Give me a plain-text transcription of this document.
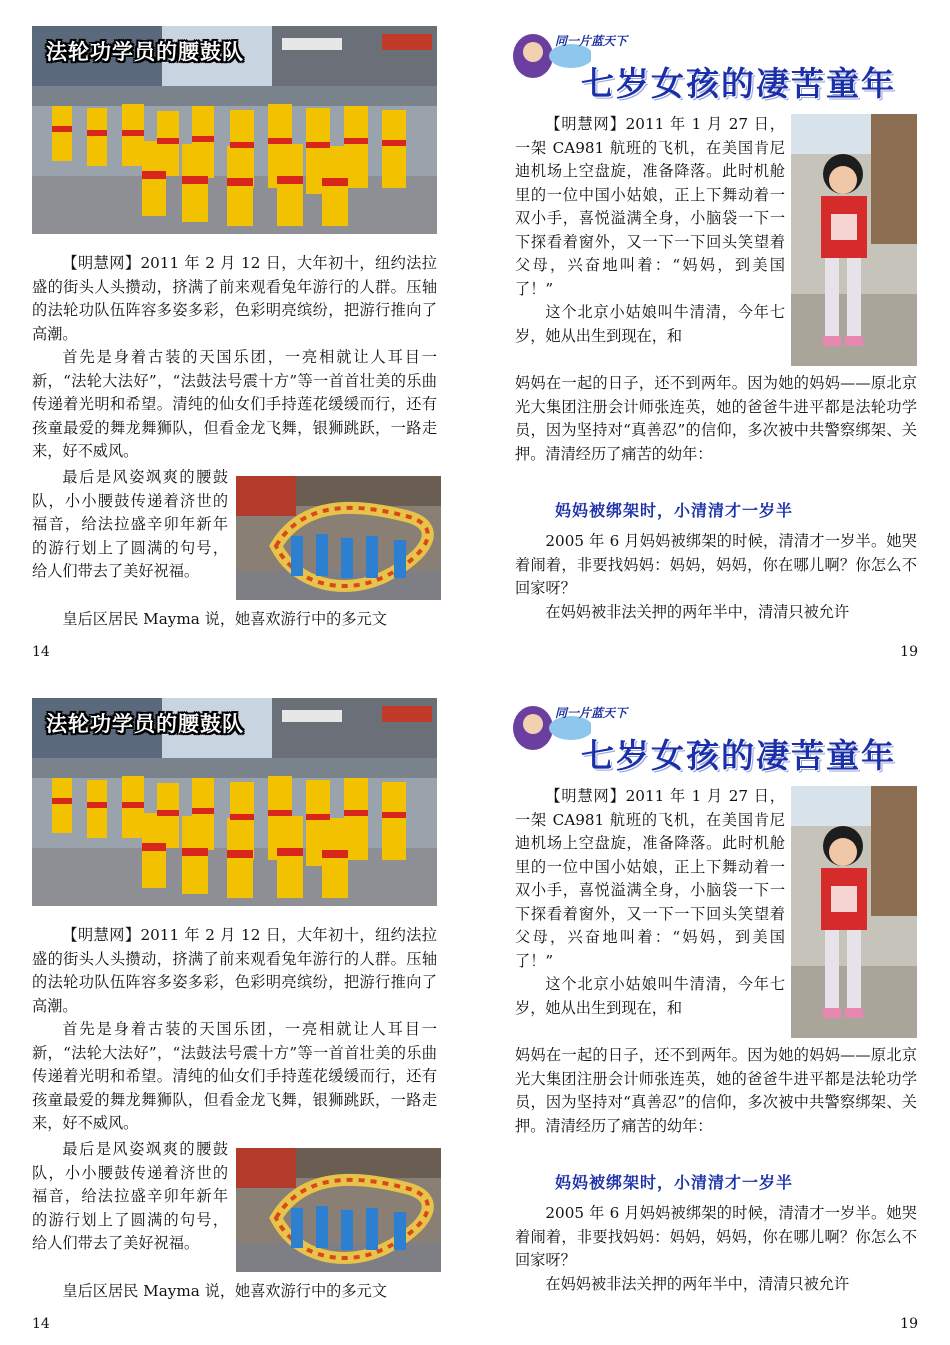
法轮功学员的腰鼓队

【明慧网】2011 年 2 月 12 日，大年初十，纽约法拉盛的街头人头攒动，挤满了前来观看兔年游行的人群。压轴的法轮功队伍阵容多姿多彩，色彩明亮缤纷，把游行推向了高潮。

首先是身着古装的天国乐团，一亮相就让人耳目一新，“法轮大法好”，“法鼓法号震十方”等一首首壮美的乐曲传递着光明和希望。清纯的仙女们手持莲花缓缓而行，还有孩童最爱的舞龙舞狮队，但看金龙飞舞，银狮跳跃，一路走来，好不威风。

最后是风姿飒爽的腰鼓队，小小腰鼓传递着济世的福音，给法拉盛辛卯年新年的游行划上了圆满的句号，给人们带去了美好祝福。

皇后区居民 Mayma 说，她喜欢游行中的多元文

14
同一片蓝天下
七岁女孩的凄苦童年

【明慧网】2011 年 1 月 27 日，一架 CA981 航班的飞机，在美国肯尼迪机场上空盘旋，准备降落。此时机舱里的一位中国小姑娘，正上下舞动着一双小手，喜悦溢满全身，小脑袋一下一下探看着窗外，又一下一下回头笑望着父母，兴奋地叫着：“妈妈，到美国了！”

这个北京小姑娘叫牛清清，今年七岁，她从出生到现在，和

妈妈在一起的日子，还不到两年。因为她的妈妈——原北京光大集团注册会计师张连英，她的爸爸牛进平都是法轮功学员，因为坚持对“真善忍”的信仰，多次被中共警察绑架、关押。清清经历了痛苦的幼年：

妈妈被绑架时，小清清才一岁半

2005 年 6 月妈妈被绑架的时候，清清才一岁半。她哭着闹着，非要找妈妈：妈妈，妈妈，你在哪儿啊？你怎么不回家呀？

在妈妈被非法关押的两年半中，清清只被允许

19
法轮功学员的腰鼓队

【明慧网】2011 年 2 月 12 日，大年初十，纽约法拉盛的街头人头攒动，挤满了前来观看兔年游行的人群。压轴的法轮功队伍阵容多姿多彩，色彩明亮缤纷，把游行推向了高潮。

首先是身着古装的天国乐团，一亮相就让人耳目一新，“法轮大法好”，“法鼓法号震十方”等一首首壮美的乐曲传递着光明和希望。清纯的仙女们手持莲花缓缓而行，还有孩童最爱的舞龙舞狮队，但看金龙飞舞，银狮跳跃，一路走来，好不威风。

最后是风姿飒爽的腰鼓队，小小腰鼓传递着济世的福音，给法拉盛辛卯年新年的游行划上了圆满的句号，给人们带去了美好祝福。

皇后区居民 Mayma 说，她喜欢游行中的多元文

14
同一片蓝天下
七岁女孩的凄苦童年

【明慧网】2011 年 1 月 27 日，一架 CA981 航班的飞机，在美国肯尼迪机场上空盘旋，准备降落。此时机舱里的一位中国小姑娘，正上下舞动着一双小手，喜悦溢满全身，小脑袋一下一下探看着窗外，又一下一下回头笑望着父母，兴奋地叫着：“妈妈，到美国了！”

这个北京小姑娘叫牛清清，今年七岁，她从出生到现在，和

妈妈在一起的日子，还不到两年。因为她的妈妈——原北京光大集团注册会计师张连英，她的爸爸牛进平都是法轮功学员，因为坚持对“真善忍”的信仰，多次被中共警察绑架、关押。清清经历了痛苦的幼年：

妈妈被绑架时，小清清才一岁半

2005 年 6 月妈妈被绑架的时候，清清才一岁半。她哭着闹着，非要找妈妈：妈妈，妈妈，你在哪儿啊？你怎么不回家呀？

在妈妈被非法关押的两年半中，清清只被允许

19
